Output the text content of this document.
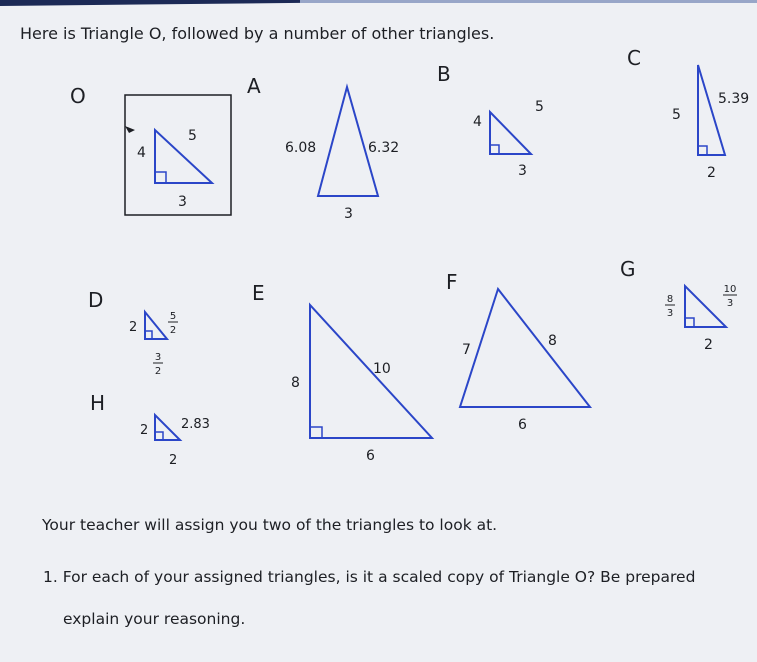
Here is Triangle O, followed by a number of other triangles.
O
4
5
3
A
6.08	6.32
3
B
4
5
3
C
5
5.39
2
D
2
5
2
3
2
E
8
10
6
F
7
8
6
G
8
3
10
3
2
H
2	2.83
2
Your teacher will assign you two of the triangles to look at.
1. For each of your assigned triangles, is it a scaled copy of Triangle O? Be prepared
explain your reasoning.
